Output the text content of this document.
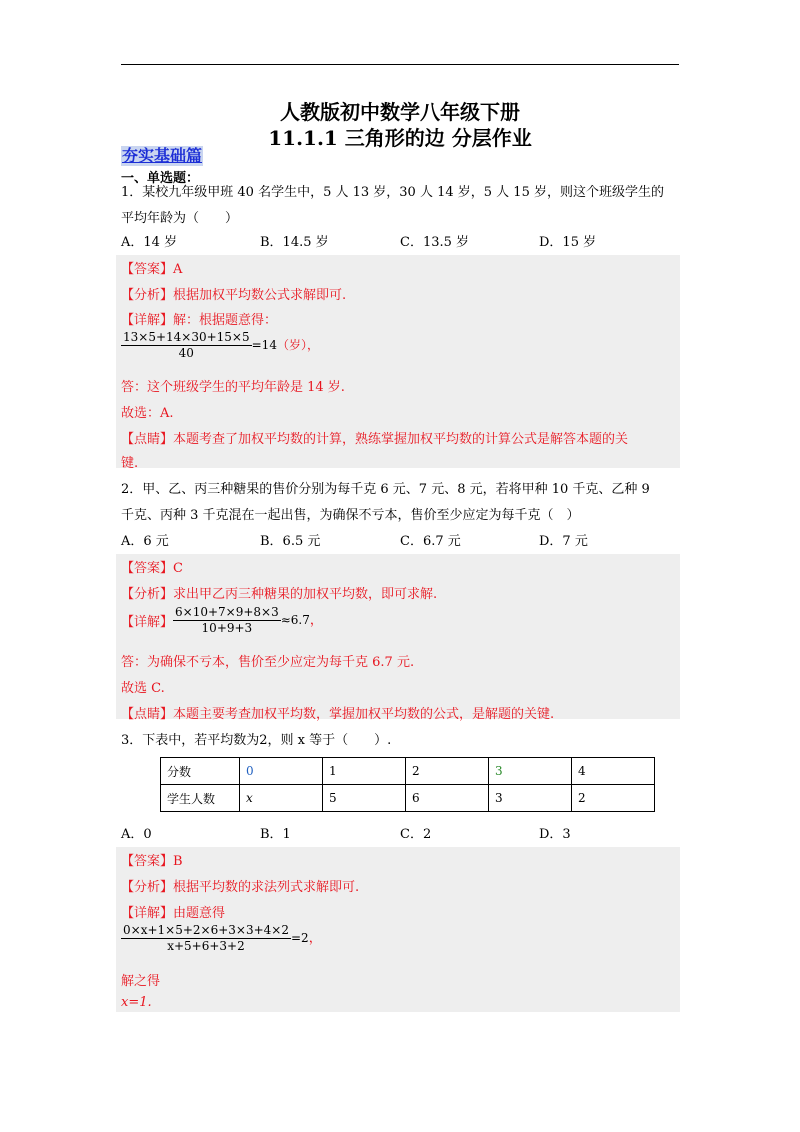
人教版初中数学八年级下册
11.1.1 三角形的边 分层作业
夯实基础篇
一、单选题：
1．某校九年级甲班 40 名学生中，5 人 13 岁，30 人 14 岁，5 人 15 岁，则这个班级学生的
平均年龄为（　　）
A．14 岁	B．14.5 岁	C．13.5 岁	D．15 岁
【答案】A
【分析】根据加权平均数公式求解即可.
【详解】解：根据题意得：
$\frac{13\times 5+14\times 30+15\times 5}{40} =14$（岁），
答：这个班级学生的平均年龄是 14 岁.
故选：A.
【点睛】本题考查了加权平均数的计算，熟练掌握加权平均数的计算公式是解答本题的关
键.
2．甲、乙、丙三种糖果的售价分别为每千克 6 元、7 元、8 元，若将甲种 10 千克、乙种 9
千克、丙种 3 千克混在一起出售，为确保不亏本，售价至少应定为每千克（　）
A．6 元	B．6.5 元	C．6.7 元	D．7 元
【答案】C
【分析】求出甲乙丙三种糖果的加权平均数，即可求解.
【详解】 $\frac{6\times 10+7\times 9+8\times 3}{10+9+3} \approx 6.7$，
答：为确保不亏本，售价至少应定为每千克 6.7 元.
故选 C.
【点睛】本题主要考查加权平均数，掌握加权平均数的公式，是解题的关键.
3．下表中，若平均数为2，则 x 等于（　　）.
分数	0	1	2	3	4
学生人数	x	5	6	3	2
A．0	B．1	C．2	D．3
【答案】B
【分析】根据平均数的求法列式求解即可.
【详解】由题意得
$\frac{0\times x+1\times 5+2\times 6+3\times 3+4\times 2}{x+5+6+3+2} =2$，
解之得
x=1.
